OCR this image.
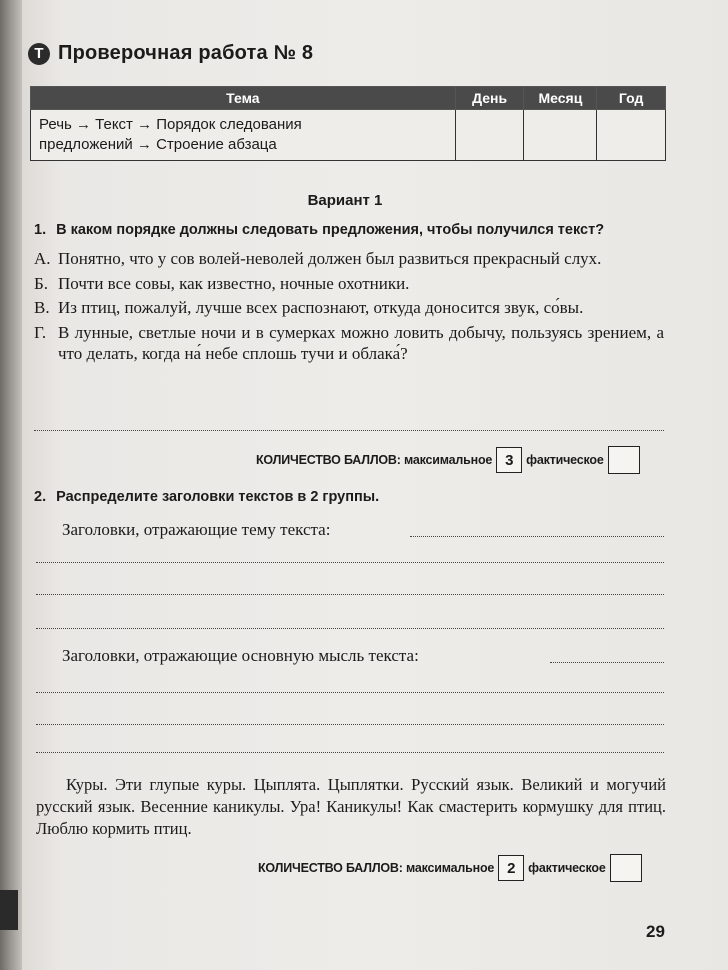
Т Проверочная работа № 8
Тема	День	Месяц	Год

Речь → Текст → Порядок следования
предложений → Строение абзаца			

Вариант 1
1. В каком порядке должны следовать предложения, чтобы получился текст?
А. Понятно, что у сов волей-неволей должен был развиться прекрасный слух.
Б. Почти все совы, как известно, ночные охотники.
В. Из птиц, пожалуй, лучше всех распознают, откуда доносится звук, со́вы.
Г. В лунные, светлые ночи и в сумерках можно ловить добычу, пользуясь зрением, а что делать, когда на́ небе сплошь тучи и облака́?
КОЛИЧЕСТВО БАЛЛОВ: максимальное 3	фактическое
2. Распределите заголовки текстов в 2 группы.
Заголовки, отражающие тему текста:
Заголовки, отражающие основную мысль текста:
Куры. Эти глупые куры. Цыплята. Цыплятки. Русский язык. Великий и могучий русский язык. Весенние каникулы. Ура! Каникулы! Как смастерить кормушку для птиц. Люблю кормить птиц.
КОЛИЧЕСТВО БАЛЛОВ: максимальное 2	фактическое
29
